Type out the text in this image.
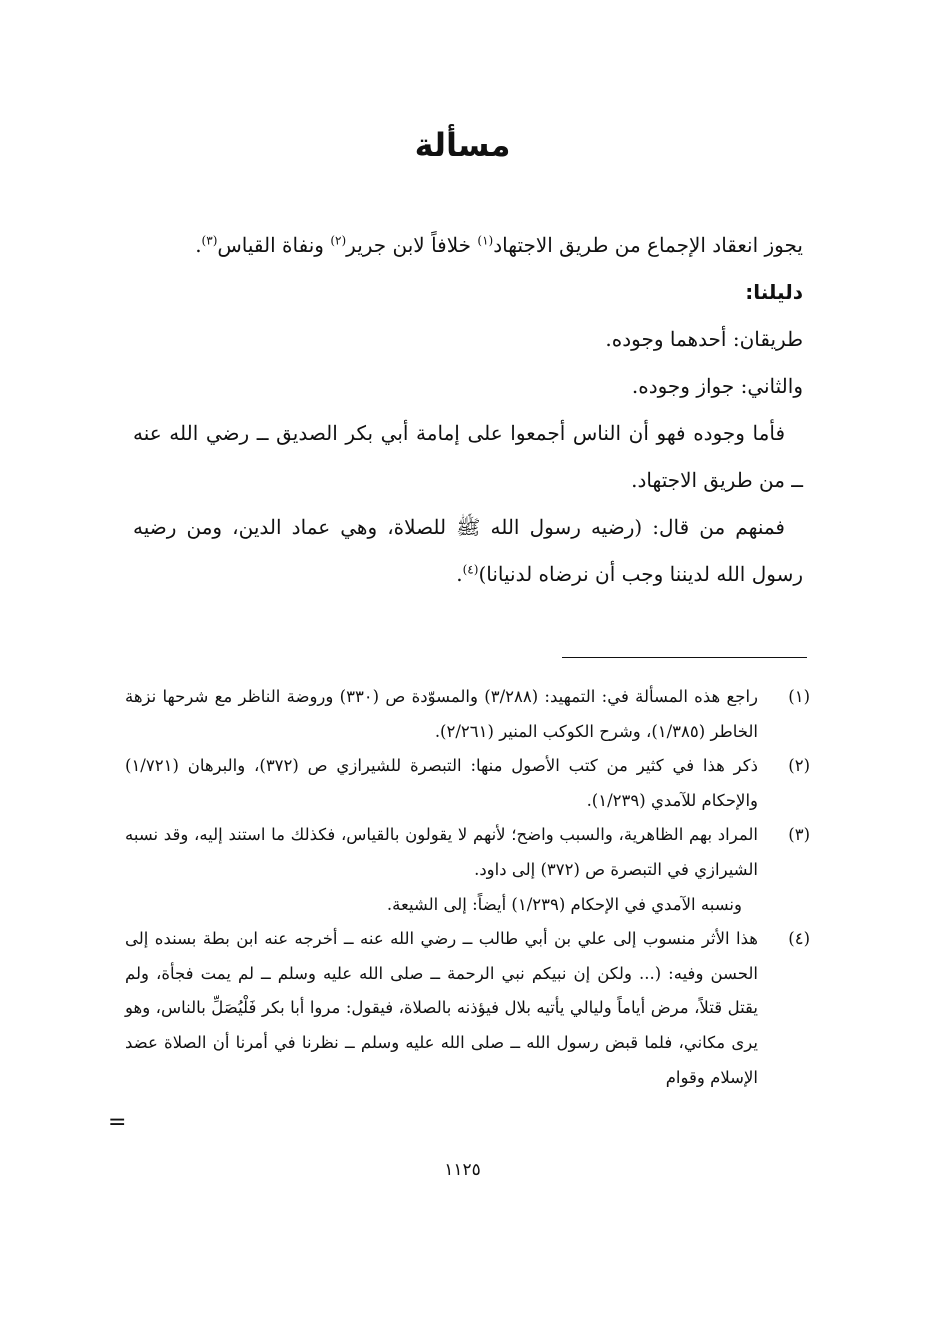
مسألة

يجوز انعقاد الإجماع من طريق الاجتهاد$^{(١)}$ خلافاً لابن جرير$^{(٢)}$ ونفاة القياس$^{(٣)}$.

دليلنا:

طريقان: أحدهما وجوده.

والثاني: جواز وجوده.

فأما وجوده فهو أن الناس أجمعوا على إمامة أبي بكر الصديق ــ رضي الله عنه ــ من طريق الاجتهاد.

فمنهم من قال: (رضيه رسول الله ﷺ للصلاة، وهي عماد الدين، ومن رضيه رسول الله لديننا وجب أن نرضاه لدنيانا)$^{(٤)}$.

(١)

راجع هذه المسألة في: التمهيد: (٣/٢٨٨) والمسوّدة ص (٣٣٠) وروضة الناظر مع شرحها نزهة الخاطر (١/٣٨٥)، وشرح الكوكب المنير (٢/٢٦١).

(٢)

ذكر هذا في كثير من كتب الأصول منها: التبصرة للشيرازي ص (٣٧٢)، والبرهان (١/٧٢١) والإحكام للآمدي (١/٢٣٩).

(٣)

المراد بهم الظاهرية، والسبب واضح؛ لأنهم لا يقولون بالقياس، فكذلك ما استند إليه، وقد نسبه الشيرازي في التبصرة ص (٣٧٢) إلى داود.

ونسبه الآمدي في الإحكام (١/٢٣٩) أيضاً: إلى الشيعة.

(٤)

هذا الأثر منسوب إلى علي بن أبي طالب ــ رضي الله عنه ــ أخرجه عنه ابن بطة بسنده إلى الحسن وفيه: (... ولكن إن نبيكم نبي الرحمة ــ صلى الله عليه وسلم ــ لم يمت فجأة، ولم يقتل قتلاً، مرض أياماً وليالي يأتيه بلال فيؤذنه بالصلاة، فيقول: مروا أبا بكر فَلْيُصَلِّ بالناس، وهو يرى مكاني، فلما قبض رسول الله ــ صلى الله عليه وسلم ــ نظرنا في أمرنا أن الصلاة عضد الإسلام وقوام

=
١١٢٥
